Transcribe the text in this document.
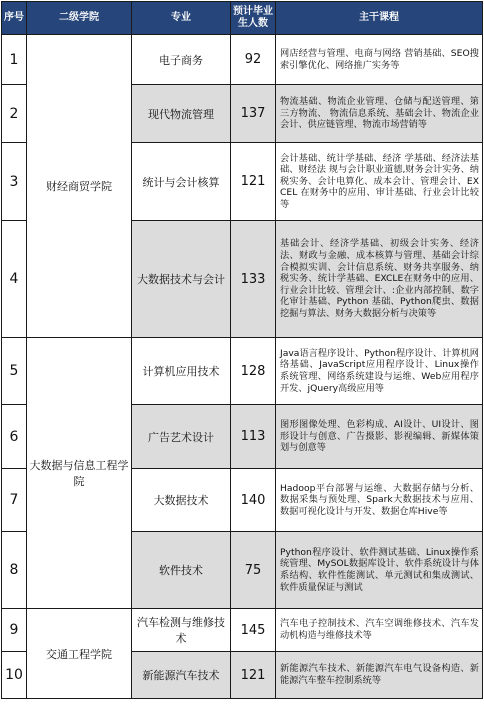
序号	二级学院	专业	预计毕业生人数	主干课程
1	财经商贸学院	电子商务	92	网店经营与管理、电商与网络 营销基础、SEO搜索引擎优化、网络推广实务等
2		现代物流管理	137	物流基础、物流企业管理、仓储与配送管理、第三方物流、 物流信息系统、基础会计、物流企业会计、供应链管理、物流市场营销等
3		统计与会计核算	121	会计基础、统计学基础、经济 学基础、经济法基础、财经法 规与会计职业道德,财务会计实务、纳税实务、会计电算化、成本会计、管理会计、EXCEL 在财务中的应用、审计基础、行业会计比较等
4		大数据技术与会计	133	基础会计、经济学基础、初级会计实务、经济法、财政与金融、成本核算与管理、基础会计综合模拟实训、会计信息系统、财务共享服务、纳税实务、统计学基础、EXCLE在财务中的应用、行业会计比较、管理会计、:企业内部控制、数字化审计基础、Python 基础、Python爬虫、数据挖掘与算法、财务大数据分析与决策等
5	大数据与信息工程学院	计算机应用技术	128	Java语言程序设计、Python程序设计、计算机网络基础、JavaScript应用程序设计、Linux操作系统管理、网络系统建设与运维、Web应用程序开发、jQuery高级应用等
6		广告艺术设计	113	图形图像处理、色彩构成、AI设计、UI设计、图形设计与创意、广告摄影、影视编辑、新媒体策划与创意等
7		大数据技术	140	Hadoop平台部署与运维、大数据存储与分析、数据采集与预处理、Spark大数据技术与应用、数据可视化设计与开发、数据仓库Hive等
8		软件技术	75	Python程序设计、软件测试基础、Linux操作系统管理、MySOL数据库设计、软件系统设计与体系结构、软件性能测试、单元测试和集成测试、软件质量保证与测试
9	交通工程学院	汽车检测与维修技术	145	汽车电子控制技术、汽车空调维修技术、汽车发动机构造与维修技术等
10		新能源汽车技术	121	新能源汽车技术、新能源汽车电气设备构造、新能源汽车整车控制系统等
